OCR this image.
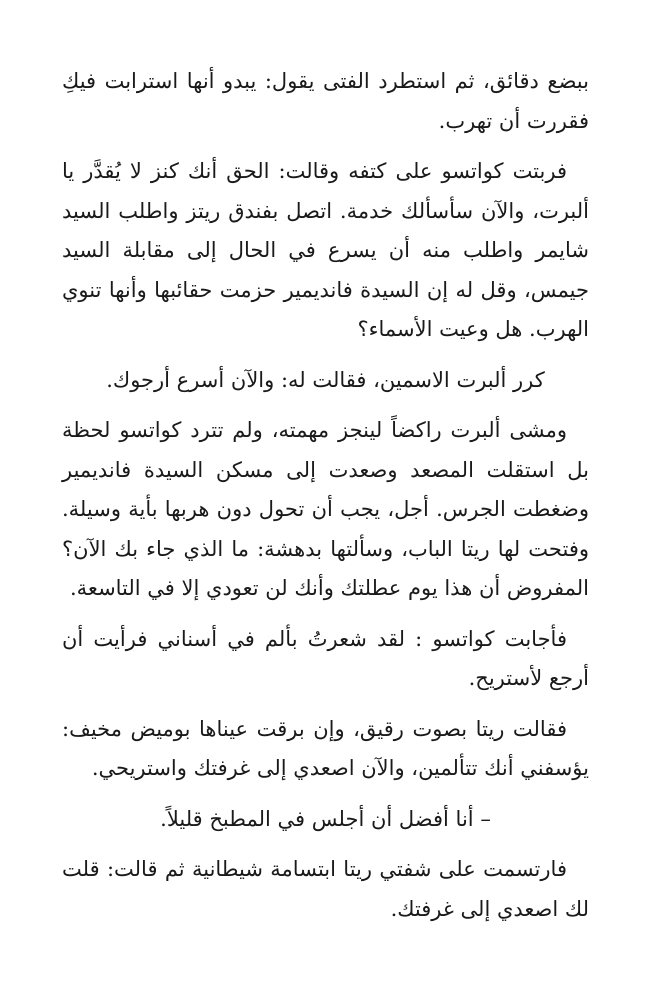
ببضع دقائق، ثم استطرد الفتى يقول: يبدو أنها استرابت فيكِ فقررت أن تهرب.

فربتت كواتسو على كتفه وقالت: الحق أنك كنز لا يُقدَّر يا ألبرت، والآن سأسألك خدمة. اتصل بفندق ريتز واطلب السيد شايمر واطلب منه أن يسرع في الحال إلى مقابلة السيد جيمس، وقل له إن السيدة فانديمير حزمت حقائبها وأنها تنوي الهرب. هل وعيت الأسماء؟

كرر ألبرت الاسمين، فقالت له: والآن أسرع أرجوك.

ومشى ألبرت راكضاً لينجز مهمته، ولم تترد كواتسو لحظة بل استقلت المصعد وصعدت إلى مسكن السيدة فانديمير وضغطت الجرس. أجل، يجب أن تحول دون هربها بأية وسيلة. وفتحت لها ريتا الباب، وسألتها بدهشة: ما الذي جاء بك الآن؟ المفروض أن هذا يوم عطلتك وأنك لن تعودي إلا في التاسعة.

فأجابت كواتسو : لقد شعرتُ بألم في أسناني فرأيت أن أرجع لأستريح.

فقالت ريتا بصوت رقيق، وإن برقت عيناها بوميض مخيف: يؤسفني أنك تتألمين، والآن اصعدي إلى غرفتك واستريحي.

– أنا أفضل أن أجلس في المطبخ قليلاً.

فارتسمت على شفتي ريتا ابتسامة شيطانية ثم قالت: قلت لك اصعدي إلى غرفتك.
